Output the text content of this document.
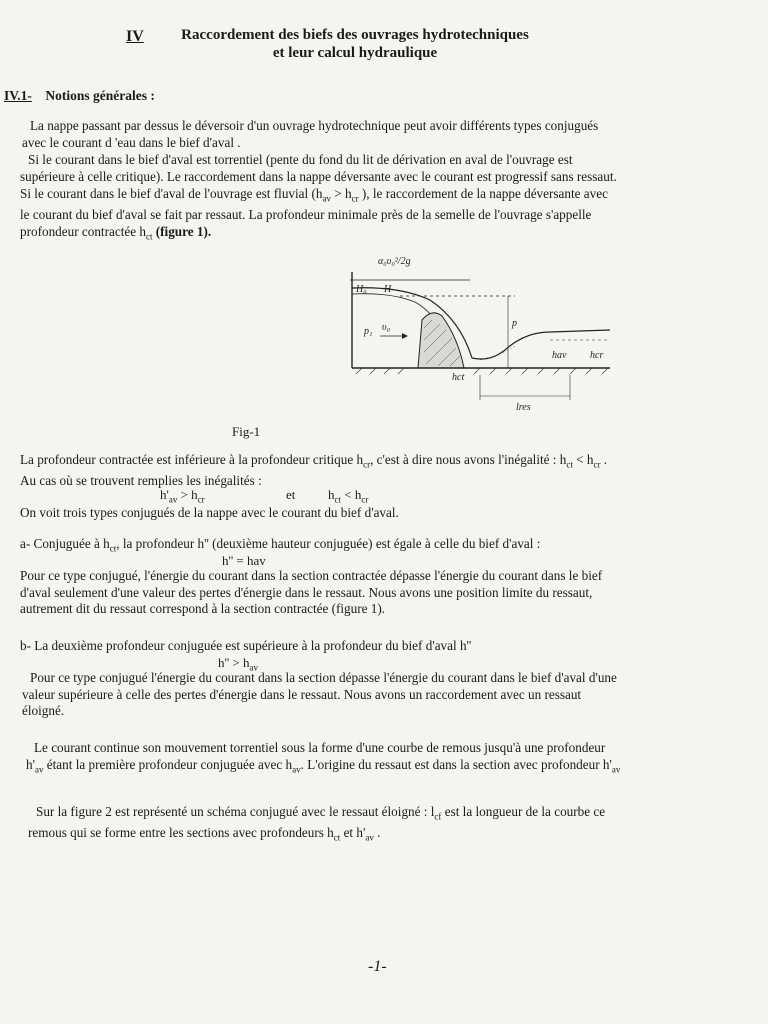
IV	Raccordement des biefs des ouvrages hydrotechniques
et leur calcul hydraulique
IV.1- Notions générales :
La nappe passant par dessus le déversoir d'un ouvrage hydrotechnique peut avoir différents types conjugués
avec le courant d 'eau dans le bief d'aval .
Si le courant dans le bief d'aval est torrentiel (pente du fond du lit de dérivation en aval de l'ouvrage est
supérieure à celle critique). Le raccordement dans la nappe déversante avec le courant est progressif sans ressaut.
Si le courant dans le bief d'aval de l'ouvrage est fluvial ($h_{av} > h_{cr}$ ), le raccordement de la nappe déversante avec
le courant du bief d'aval se fait par ressaut. La profondeur minimale près de la semelle de l'ouvrage s'appelle
profondeur contractée $h_{ct}$ (figure 1).
α₀υ₀²/2g
H₀ H
p₁ υ₀	p
hav hcr
hct
lres
Fig-1
La profondeur contractée est inférieure à la profondeur critique $h_{cr}$, c'est à dire nous avons l'inégalité : $h_{ct} < h_{cr}$ .
Au cas où se trouvent remplies les inégalités :
$h'_{av} > h_{cr}$	et	$h_{ct} < h_{cr}$
On voit trois types conjugués de la nappe avec le courant du bief d'aval.
a- Conjuguée à $h_{ct}$, la profondeur h'' (deuxième hauteur conjuguée) est égale à celle du bief d'aval :
h'' = hav
Pour ce type conjugué, l'énergie du courant dans la section contractée dépasse l'énergie du courant dans le bief
d'aval seulement d'une valeur des pertes d'énergie dans le ressaut. Nous avons une position limite du ressaut,
autrement dit du ressaut correspond à la section contractée (figure 1).
b- La deuxième profondeur conjuguée est supérieure à la profondeur du bief d'aval h''
$h'' > h_{av}$
Pour ce type conjugué l'énergie du courant dans la section dépasse l'énergie du courant dans le bief d'aval d'une
valeur supérieure à celle des pertes d'énergie dans le ressaut. Nous avons un raccordement avec un ressaut
éloigné.
Le courant continue son mouvement torrentiel sous la forme d'une courbe de remous jusqu'à une profondeur
$h'_{av}$ étant la première profondeur conjuguée avec $h_{av}$. L'origine du ressaut est dans la section avec profondeur $h'_{av}$
Sur la figure 2 est représenté un schéma conjugué avec le ressaut éloigné : $l_{cf}$ est la longueur de la courbe ce
remous qui se forme entre les sections avec profondeurs $h_{ct}$ et $h'_{av}$ .
-1-
